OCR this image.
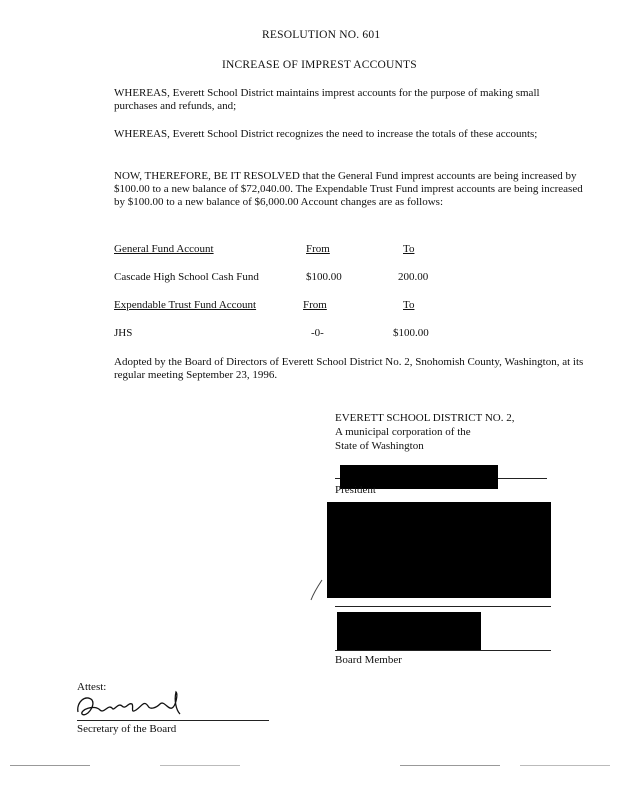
RESOLUTION NO. 601
INCREASE OF IMPREST ACCOUNTS
WHEREAS, Everett School District maintains imprest accounts for the purpose of making small purchases and refunds, and;
WHEREAS, Everett School District recognizes the need to increase the totals of these accounts;
NOW, THEREFORE, BE IT RESOLVED that the General Fund imprest accounts are being increased by $100.00 to a new balance of $72,040.00. The Expendable Trust Fund imprest accounts are being increased by $100.00 to a new balance of $6,000.00 Account changes are as follows:
General Fund Account	From	To
Cascade High School Cash Fund	$100.00	200.00
Expendable Trust Fund Account	From	To
JHS	-0-	$100.00
Adopted by the Board of Directors of Everett School District No. 2, Snohomish County, Washington, at its regular meeting September 23, 1996.
EVERETT SCHOOL DISTRICT NO. 2,
A municipal corporation of the
State of Washington
President
Board Member
Attest:
Secretary of the Board
